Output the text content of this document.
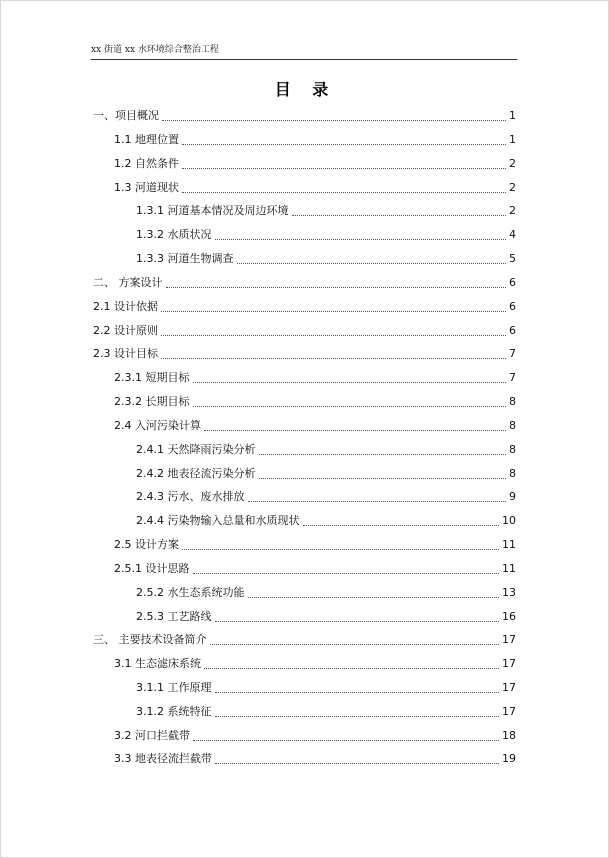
xx 街道 xx 水环境综合整治工程
目 录
一、项目概况	1
1.1 地理位置	1
1.2 自然条件	2
1.3 河道现状	2
1.3.1 河道基本情况及周边环境	2
1.3.2 水质状况	4
1.3.3 河道生物调查	5
二、 方案设计	6
2.1 设计依据	6
2.2 设计原则	6
2.3 设计目标	7
2.3.1 短期目标	7
2.3.2 长期目标	8
2.4 入河污染计算	8
2.4.1 天然降雨污染分析	8
2.4.2 地表径流污染分析	8
2.4.3 污水、废水排放	9
2.4.4 污染物输入总量和水质现状	10
2.5 设计方案	11
2.5.1 设计思路	11
2.5.2 水生态系统功能	13
2.5.3 工艺路线	16
三、 主要技术设备简介	17
3.1 生态滤床系统	17
3.1.1 工作原理	17
3.1.2 系统特征	17
3.2 河口拦截带	18
3.3 地表径流拦截带	19
